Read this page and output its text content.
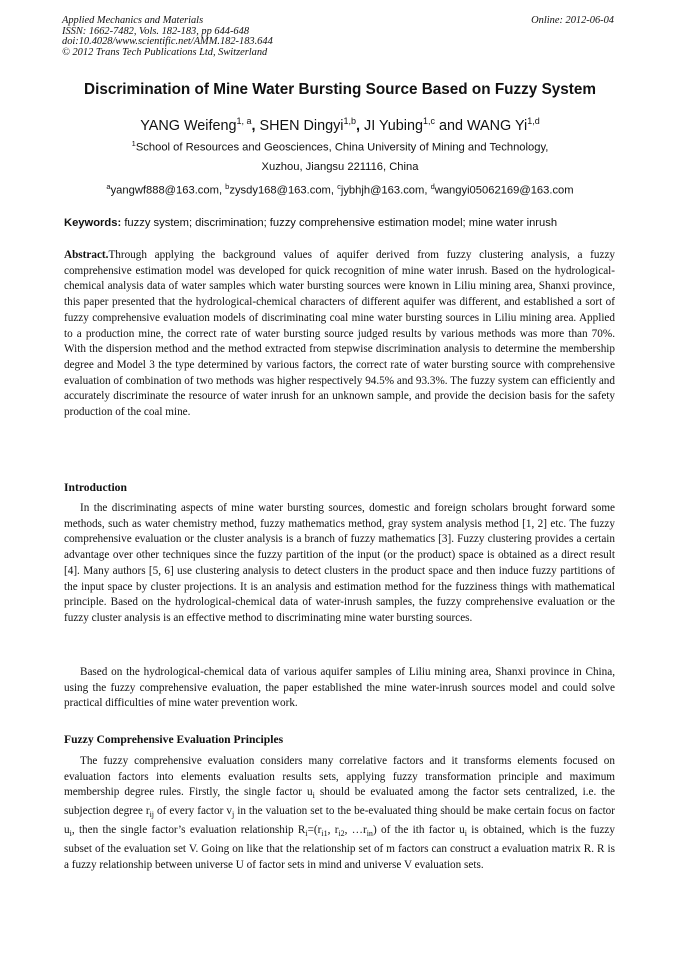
Applied Mechanics and Materials	Online: 2012-06-04
ISSN: 1662-7482, Vols. 182-183, pp 644-648
doi:10.4028/www.scientific.net/AMM.182-183.644
© 2012 Trans Tech Publications Ltd, Switzerland
Discrimination of Mine Water Bursting Source Based on Fuzzy System
YANG Weifeng$^{1, a}$, SHEN Dingyi$^{1,b}$, JI Yubing$^{1,c}$ and WANG Yi$^{1,d}$
$^1$School of Resources and Geosciences, China University of Mining and Technology,
Xuzhou, Jiangsu 221116, China
$^a$yangwf888@163.com, $^b$zysdy168@163.com, $^c$jybhjh@163.com, $^d$wangyi05062169@163.com
Keywords: fuzzy system; discrimination; fuzzy comprehensive estimation model; mine water inrush

Abstract.Through applying the background values of aquifer derived from fuzzy clustering analysis, a fuzzy comprehensive estimation model was developed for quick recognition of mine water inrush. Based on the hydrological-chemical analysis data of water samples which water bursting sources were known in Liliu mining area, Shanxi province, this paper presented that the hydrological-chemical characters of different aquifer was different, and established a sort of fuzzy comprehensive evaluation models of discriminating coal mine water bursting sources in Liliu mining area. Applied to a production mine, the correct rate of water bursting source judged results by various methods was more than 70%. With the dispersion method and the method extracted from stepwise discrimination analysis to determine the membership degree and Model 3 the type determined by various factors, the correct rate of water bursting source with comprehensive evaluation of combination of two methods was higher respectively 94.5% and 93.3%. The fuzzy system can efficiently and accurately discriminate the resource of water inrush for an unknown sample, and provide the decision basis for the safety production of the coal mine.

Introduction

In the discriminating aspects of mine water bursting sources, domestic and foreign scholars brought forward some methods, such as water chemistry method, fuzzy mathematics method, gray system analysis method [1, 2] etc. The fuzzy comprehensive evaluation or the cluster analysis is a branch of fuzzy mathematics [3]. Fuzzy clustering provides a certain advantage over other techniques since the fuzzy partition of the input (or the product) space is obtained as a direct result [4]. Many authors [5, 6] use clustering analysis to detect clusters in the product space and then induce fuzzy partitions of the input space by cluster projections. It is an analysis and estimation method for the fuzziness things with mathematical principle. Based on the hydrological-chemical data of water-inrush samples, the fuzzy comprehensive evaluation or the fuzzy cluster analysis is an effective method to discriminating mine water bursting sources.

Based on the hydrological-chemical data of various aquifer samples of Liliu mining area, Shanxi province in China, using the fuzzy comprehensive evaluation, the paper established the mine water-inrush sources model and could solve practical difficulties of mine water prevention work.

Fuzzy Comprehensive Evaluation Principles

The fuzzy comprehensive evaluation considers many correlative factors and it transforms elements focused on evaluation factors into elements evaluation results sets, applying fuzzy transformation principle and maximum membership degree rules. Firstly, the single factor $u_i$ should be evaluated among the factor sets centralized, i.e. the subjection degree $r_{ij}$ of every factor $v_j$ in the valuation set to the be-evaluated thing should be make certain focus on factor $u_i$, then the single factor’s evaluation relationship $R_i=(r_{i1}$, $r_{i2}$, $\dots r_{in}$) of the ith factor $u_i$ is obtained, which is the fuzzy subset of the evaluation set V. Going on like that the relationship set of m factors can construct a evaluation matrix R. R is a fuzzy relationship between universe U of factor sets in mind and universe V evaluation sets.
